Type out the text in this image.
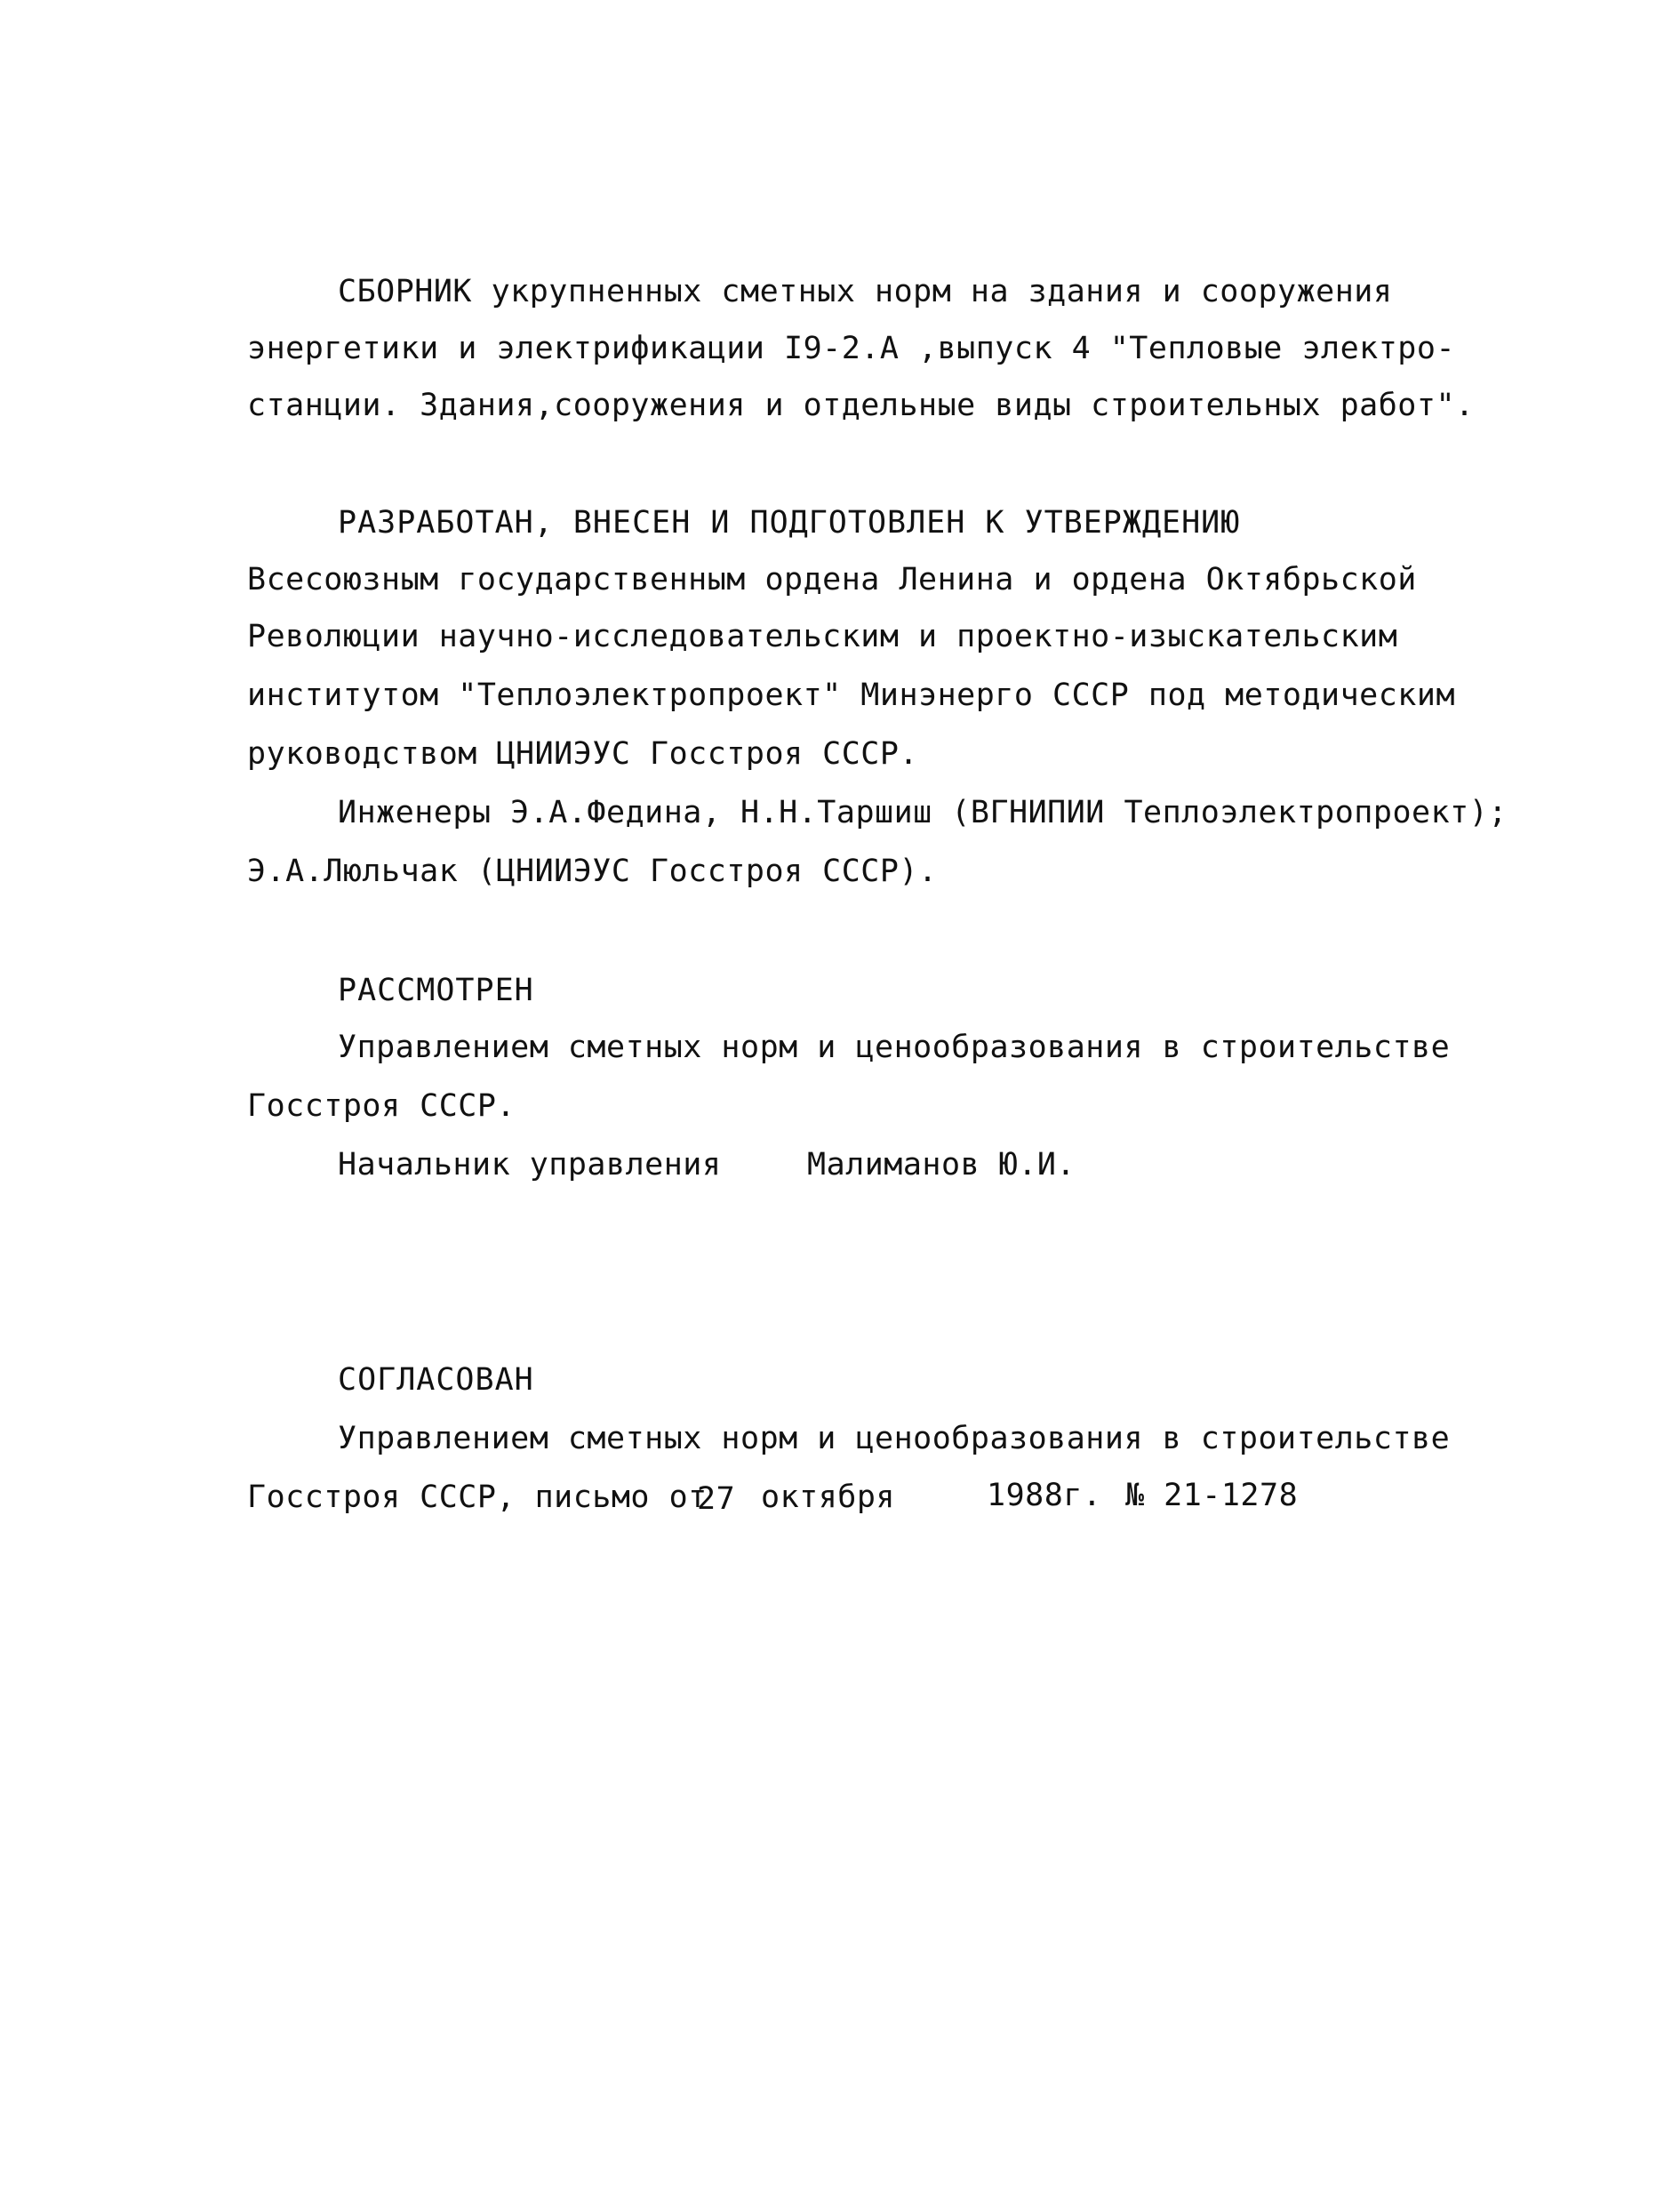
СБОРНИК укрупненных сметных норм на здания и сооружения
энергетики и электрификации I9-2.А ,выпуск 4 "Тепловые электро-
станции. Здания,сооружения и отдельные виды строительных работ".
РАЗРАБОТАН, ВНЕСЕН И ПОДГОТОВЛЕН К УТВЕРЖДЕНИЮ
Всесоюзным государственным ордена Ленина и ордена Октябрьской
Революции научно-исследовательским и проектно-изыскательским
институтом "Теплоэлектропроект" Минэнерго СССР под методическим
руководством ЦНИИЭУС Госстроя СССР.
Инженеры Э.А.Федина, Н.Н.Таршиш (ВГНИПИИ Теплоэлектропроект);
Э.А.Люльчак (ЦНИИЭУС Госстроя СССР).
РАССМОТРЕН
Управлением сметных норм и ценообразования в строительстве
Госстроя СССР.
Начальник управления	Малиманов Ю.И.
СОГЛАСОВАН
Управлением сметных норм и ценообразования в строительстве
Госстроя СССР, письмо от
27 октября	1988г. № 21-1278
